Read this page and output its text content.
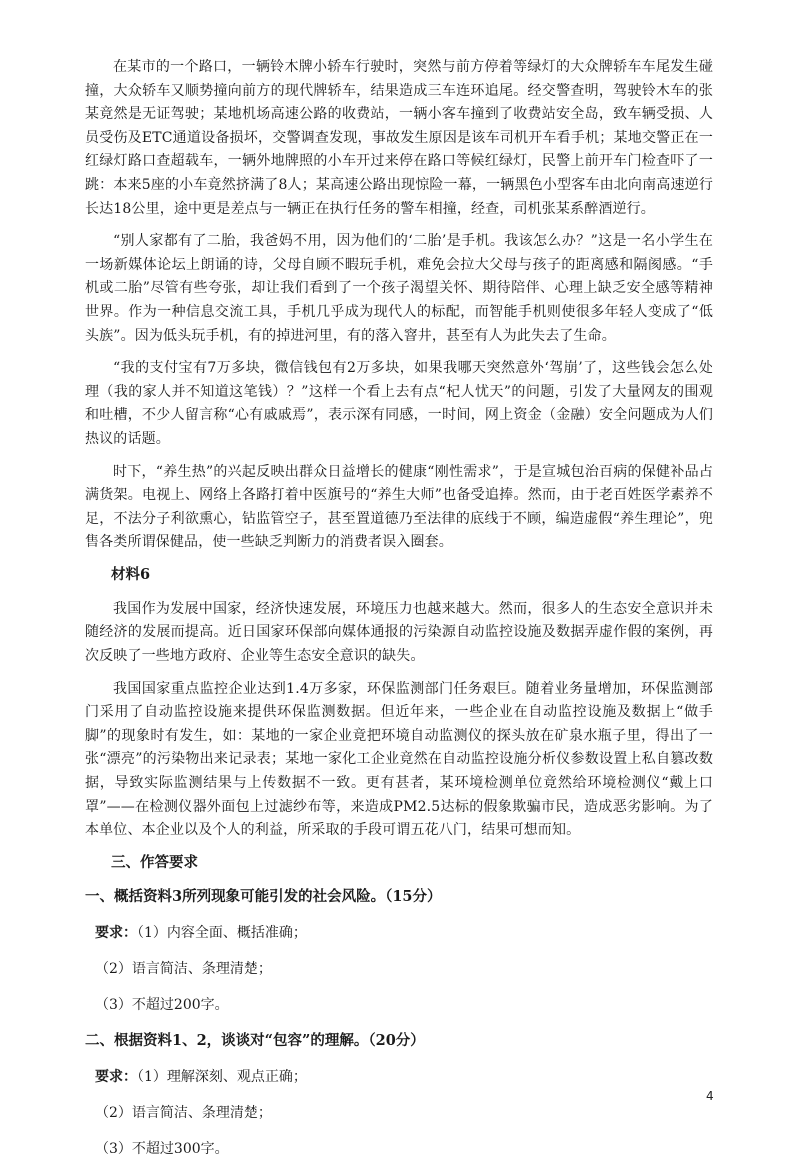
在某市的一个路口，一辆铃木牌小轿车行驶时，突然与前方停着等绿灯的大众牌轿车车尾发生碰撞，大众轿车又顺势撞向前方的现代牌轿车，结果造成三车连环追尾。经交警查明，驾驶铃木车的张某竟然是无证驾驶；某地机场高速公路的收费站，一辆小客车撞到了收费站安全岛，致车辆受损、人员受伤及ETC通道设备损坏，交警调查发现，事故发生原因是该车司机开车看手机；某地交警正在一红绿灯路口查超载车，一辆外地牌照的小车开过来停在路口等候红绿灯，民警上前开车门检查吓了一跳：本来5座的小车竟然挤满了8人；某高速公路出现惊险一幕，一辆黑色小型客车由北向南高速逆行长达18公里，途中更是差点与一辆正在执行任务的警车相撞，经查，司机张某系醉酒逆行。

“别人家都有了二胎，我爸妈不用，因为他们的‘二胎’是手机。我该怎么办？”这是一名小学生在一场新媒体论坛上朗诵的诗，父母自顾不暇玩手机，难免会拉大父母与孩子的距离感和隔阂感。“手机或二胎”尽管有些夸张，却让我们看到了一个孩子渴望关怀、期待陪伴、心理上缺乏安全感等精神世界。作为一种信息交流工具，手机几乎成为现代人的标配，而智能手机则使很多年轻人变成了“低头族”。因为低头玩手机，有的掉进河里，有的落入窨井，甚至有人为此失去了生命。

“我的支付宝有7万多块，微信钱包有2万多块，如果我哪天突然意外‘驾崩’了，这些钱会怎么处理（我的家人并不知道这笔钱）？”这样一个看上去有点“杞人忧天”的问题，引发了大量网友的围观和吐槽，不少人留言称“心有戚戚焉”，表示深有同感，一时间，网上资金（金融）安全问题成为人们热议的话题。

时下，“养生热”的兴起反映出群众日益增长的健康“刚性需求”，于是宣城包治百病的保健补品占满货架。电视上、网络上各路打着中医旗号的“养生大师”也备受追捧。然而，由于老百姓医学素养不足，不法分子利欲熏心，钻监管空子，甚至置道德乃至法律的底线于不顾，编造虚假“养生理论”，兜售各类所谓保健品，使一些缺乏判断力的消费者误入圈套。

材料6

我国作为发展中国家，经济快速发展，环境压力也越来越大。然而，很多人的生态安全意识并未随经济的发展而提高。近日国家环保部向媒体通报的污染源自动监控设施及数据弄虚作假的案例，再次反映了一些地方政府、企业等生态安全意识的缺失。

我国国家重点监控企业达到1.4万多家，环保监测部门任务艰巨。随着业务量增加，环保监测部门采用了自动监控设施来提供环保监测数据。但近年来，一些企业在自动监控设施及数据上“做手脚”的现象时有发生，如：某地的一家企业竟把环境自动监测仪的探头放在矿泉水瓶子里，得出了一张“漂亮”的污染物出来记录表；某地一家化工企业竟然在自动监控设施分析仪参数设置上私自篡改数据，导致实际监测结果与上传数据不一致。更有甚者，某环境检测单位竟然给环境检测仪“戴上口罩”——在检测仪器外面包上过滤纱布等，来造成PM2.5达标的假象欺骗市民，造成恶劣影响。为了本单位、本企业以及个人的利益，所采取的手段可谓五花八门，结果可想而知。

三、作答要求
一、概括资料3所列现象可能引发的社会风险。（15分）
要求：（1）内容全面、概括准确；
（2）语言简洁、条理清楚；
（3）不超过200字。
二、根据资料1、2，谈谈对“包容”的理解。（20分）
要求：（1）理解深刻、观点正确；
（2）语言简洁、条理清楚；
（3）不超过300字。
4
